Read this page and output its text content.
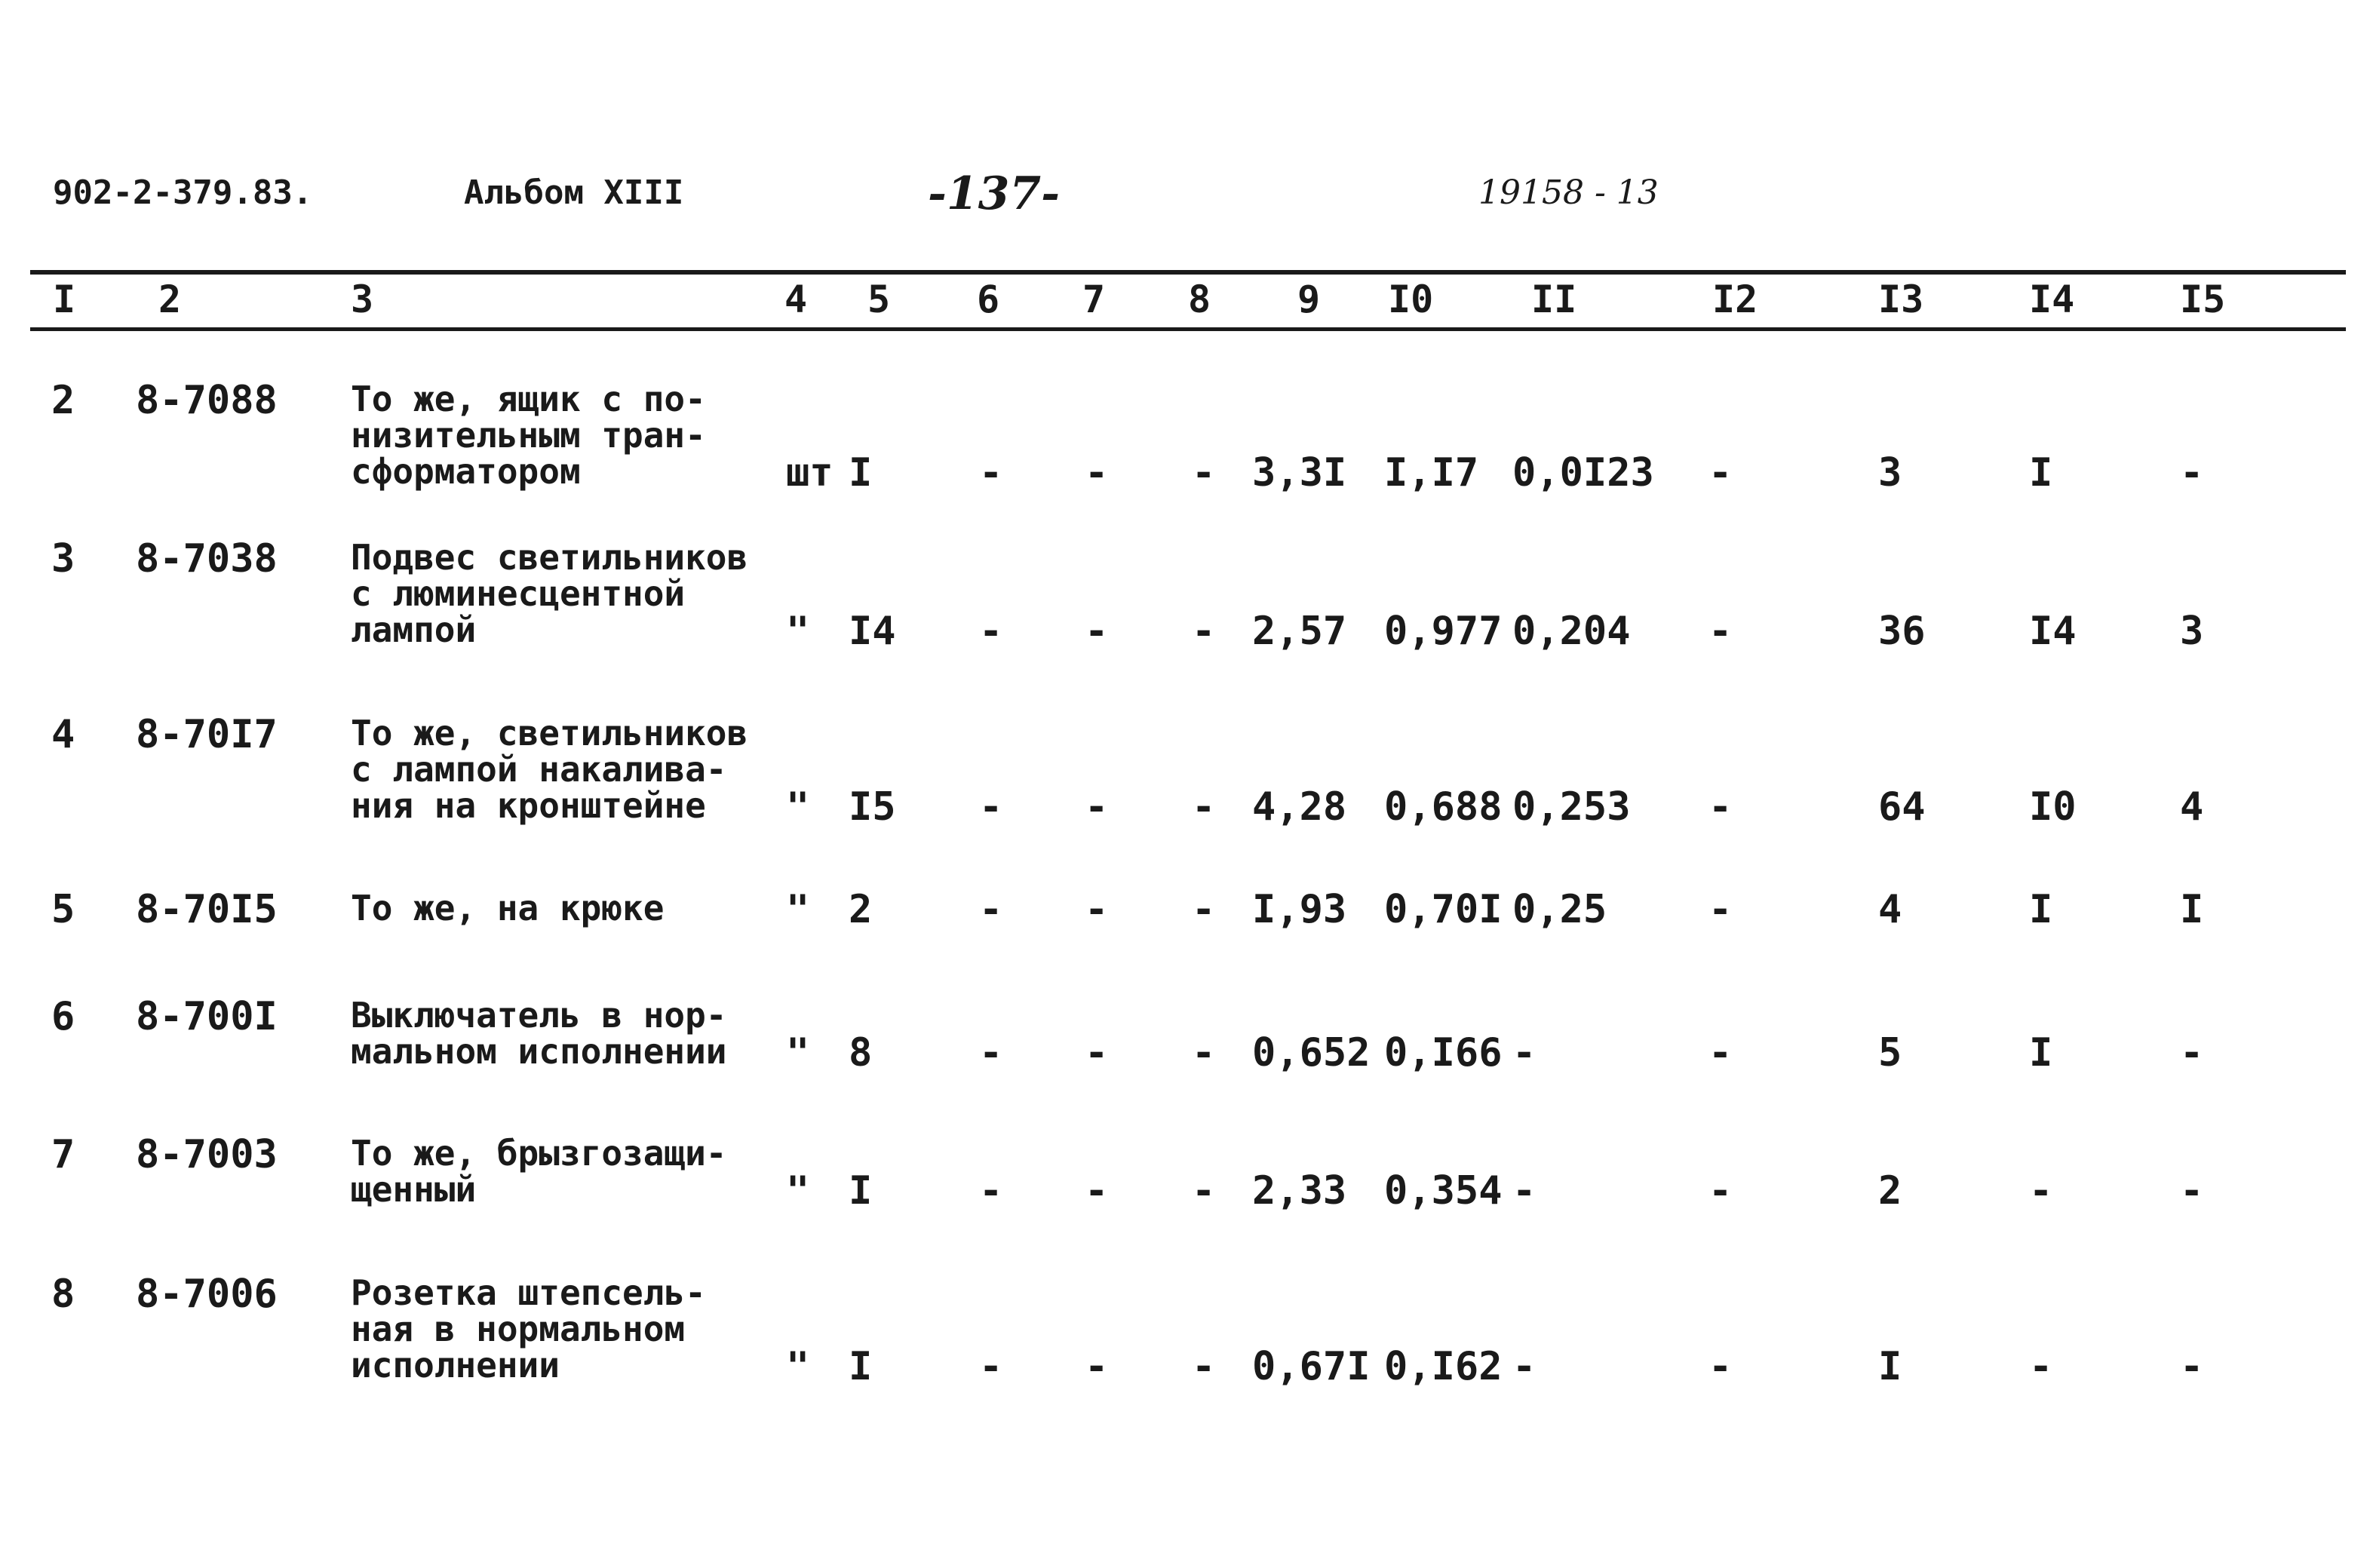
902-2-379.83.	Альбом XIII	-137-	19158 - 13
I 2	3	4 5 6 7 8 9 I0	II	I2	I3	I4	I5
2 8-7088 То же, ящик с по-
низительным тран-
сформатором	шт I	- - - 3,3I I,I7 0,0I23 -	3	I	-
3 8-7038 Подвес светильников
с люминесцентной
лампой	" I4 - - - 2,57 0,977 0,204 -	36	I4	3
4 8-70I7 То же, светильников
с лампой накалива-
ния на кронштейне	" I5 - - - 4,28 0,688 0,253 -	64	I0	4
5 8-70I5 То же, на крюке	" 2	- - - I,93 0,70I 0,25	-	4	I	I
6 8-700I Выключатель в нор-
мальном исполнении " 8	- - - 0,652 0,I66 -	-	5	I	-
7 8-7003 То же, брызгозащи-
щенный	" I	- - - 2,33 0,354 -	-	2	-	-
8 8-7006 Розетка штепсель-
ная в нормальном
исполнении	" I	- - - 0,67I 0,I62 -	-	I	-	-
